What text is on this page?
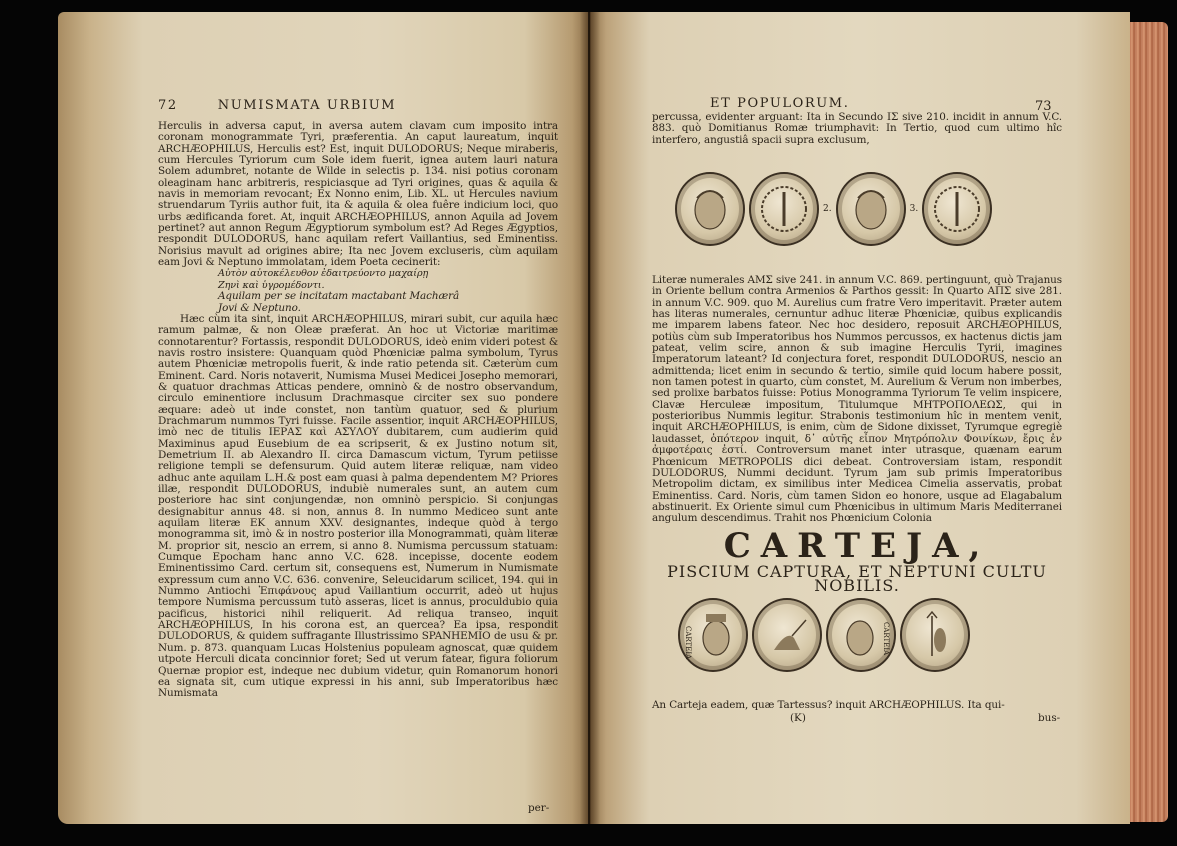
72	NUMISMATA URBIUM

Herculis in adversa caput, in aversa autem clavam cum imposito intra coronam monogrammate Tyri, præferentia. An caput laureatum, inquit ARCHÆOPHILUS, Herculis est? Est, inquit DULODORUS; Neque miraberis, cum Hercules Tyriorum cum Sole idem fuerit, ignea autem lauri natura Solem adumbret, notante de Wilde in selectis p. 134. nisi potius coronam oleaginam hanc arbitreris, respiciasque ad Tyri origines, quas & aquila & navis in memoriam revocant; Ex Nonno enim, Lib. XL. ut Hercules navium struendarum Tyriis author fuit, ita & aquila & olea fuêre indicium loci, quo urbs ædificanda foret. At, inquit ARCHÆOPHILUS, annon Aquila ad Jovem pertinet? aut annon Regum Ægyptiorum symbolum est? Ad Reges Ægyptios, respondit DULODORUS, hanc aquilam refert Vaillantius, sed Eminentiss. Norisius mavult ad origines abire; Ita nec Jovem excluseris, cùm aquilam eam Jovi & Neptuno immolatam, idem Poeta cecinerit:

Αὐτὸν αὐτοκέλευθον ἐδαιτρεύοντο μαχαίρῃ

Ζηνὶ καὶ ὑγρομέδοντι.

Aquilam per se incitatam mactabant Machærâ

Jovi & Neptuno.

Hæc cùm ita sint, inquit ARCHÆOPHILUS, mirari subit, cur aquila hæc ramum palmæ, & non Oleæ præferat. An hoc ut Victoriæ maritimæ connotarentur? Fortassis, respondit DULODORUS, ideò enim videri potest & navis rostro insistere: Quanquam quòd Phœniciæ palma symbolum, Tyrus autem Phœniciæ metropolis fuerit, & inde ratio petenda sit. Cæterùm cum Eminent. Card. Noris notaverit, Numisma Musei Medicei Josepho memorari, & quatuor drachmas Atticas pendere, omninò & de nostro observandum, circulo eminentiore inclusum Drachmasque circiter sex suo pondere æquare: adeò ut inde constet, non tantùm quatuor, sed & plurium Drachmarum nummos Tyri fuisse. Facile assentior, inquit ARCHÆOPHILUS, imò nec de titulis ΙΕΡΑΣ καὶ ΑΣΥΛΟΥ dubitarem, cum audierim quid Maximinus apud Eusebium de ea scripserit, & ex Justino notum sit, Demetrium II. ab Alexandro II. circa Damascum victum, Tyrum petiisse religione templi se defensurum. Quid autem literæ reliquæ, nam video adhuc ante aquilam L.H.& post eam quasi à palma dependentem M? Priores illæ, respondit DULODORUS, indubiè numerales sunt, an autem cum posteriore hac sint conjungendæ, non omninò perspicio. Si conjungas designabitur annus 48. si non, annus 8. In nummo Mediceo sunt ante aquilam literæ EK annum XXV. designantes, indeque quòd à tergo monogramma sit, imò & in nostro posterior illa Monogrammati, quàm literæ M. proprior sit, nescio an errem, si anno 8. Numisma percussum statuam: Cumque Epocham hanc anno V.C. 628. incepisse, docente eodem Eminentissimo Card. certum sit, consequens est, Numerum in Numismate expressum cum anno V.C. 636. convenire, Seleucidarum scilicet, 194. qui in Nummo Antiochi Ἐπιφάνους apud Vaillantium occurrit, adeò ut hujus tempore Numisma percussum tutò asseras, licet is annus, proculdubio quia pacificus, historici nihil reliquerit. Ad reliqua transeo, inquit ARCHÆOPHILUS, In his corona est, an quercea? Ea ipsa, respondit DULODORUS, & quidem suffragante Illustrissimo SPANHEMIO de usu & pr. Num. p. 873. quanquam Lucas Holstenius populeam agnoscat, quæ quidem utpote Herculi dicata concinnior foret; Sed ut verum fatear, figura foliorum Quernæ propior est, indeque nec dubium videtur, quin Romanorum honori ea signata sit, cum utique expressi in his anni, sub Imperatoribus hæc Numismata

per-
ET POPULORUM.	73

percussa, evidenter arguant: Ita in Secundo ΙΣ sive 210. incidit in annum V.C. 883. quò Domitianus Romæ triumphavit: In Tertio, quod cum ultimo hîc interfero, angustiâ spacii supra exclusum,

2.	3.

Literæ numerales ΑΜΣ sive 241. in annum V.C. 869. pertinguunt, quò Trajanus in Oriente bellum contra Armenios & Parthos gessit: In Quarto ΑΠΣ sive 281. in annum V.C. 909. quo M. Aurelius cum fratre Vero imperitavit. Præter autem has literas numerales, cernuntur adhuc literæ Phœniciæ, quibus explicandis me imparem labens fateor. Nec hoc desidero, reposuit ARCHÆOPHILUS, potiùs cùm sub Imperatoribus hos Nummos percussos, ex hactenus dictis jam pateat, velim scire, annon & sub imagine Herculis Tyrii, imagines Imperatorum lateant? Id conjectura foret, respondit DULODORUS, nescio an admittenda; licet enim in secundo & tertio, simile quid locum habere possit, non tamen potest in quarto, cùm constet, M. Aurelium & Verum non imberbes, sed prolixe barbatos fuisse: Potius Monogramma Tyriorum Te velim inspicere, Clavæ Herculeæ impositum, Titulumque ΜΗΤΡΟΠΟΛΕΩΣ, qui in posterioribus Nummis legitur. Strabonis testimonium hîc in mentem venit, inquit ARCHÆOPHILUS, is enim, cùm de Sidone dixisset, Tyrumque egregiè laudasset, ὁπότερον inquit, δ᾽ αὐτῆς εἶπον Μητρόπολιν Φοινίκων, ἔρις ἐν ἀμφοτέραις ἐστί. Controversum manet inter utrasque, quænam earum Phœnicum METROPOLIS dici debeat. Controversiam istam, respondit DULODORUS, Nummi decidunt. Tyrum jam sub primis Imperatoribus Metropolim dictam, ex similibus inter Medicea Cimelia asservatis, probat Eminentiss. Card. Noris, cùm tamen Sidon eo honore, usque ad Elagabalum abstinuerit. Ex Oriente simul cum Phœnicibus in ultimum Maris Mediterranei angulum descendimus. Trahit nos Phœnicium Colonia

CARTEJA,
PISCIUM CAPTURA, ET NEPTUNI CULTU
NOBILIS.
CARTEIA	CARTEIA

An Carteja eadem, quæ Tartessus? inquit ARCHÆOPHILUS. Ita qui-

(K)	bus-
